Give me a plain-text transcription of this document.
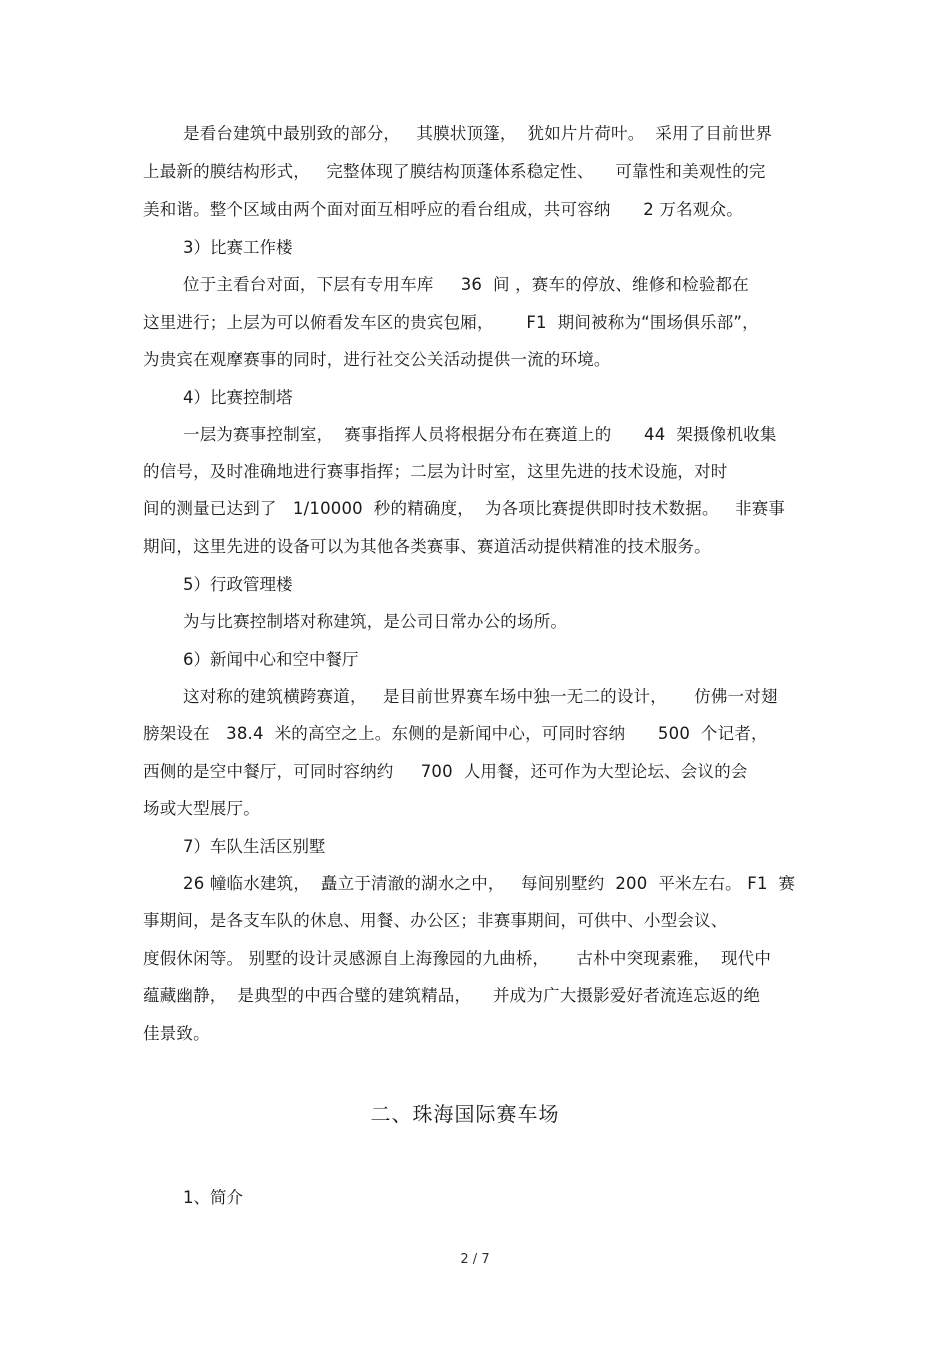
是看台建筑中最别致的部分，   其膜状顶篷，  犹如片片荷叶。  采用了目前世界
上最新的膜结构形式，   完整体现了膜结构顶蓬体系稳定性、    可靠性和美观性的完
美和谐。整个区域由两个面对面互相呼应的看台组成，共可容纳      2 万名观众。
3）比赛工作楼
位于主看台对面，下层有专用车库     36  间 ，赛车的停放、维修和检验都在
这里进行；上层为可以俯看发车区的贵宾包厢，      F1  期间被称为“围场俱乐部”，
为贵宾在观摩赛事的同时，进行社交公关活动提供一流的环境。
4）比赛控制塔
一层为赛事控制室，  赛事指挥人员将根据分布在赛道上的      44  架摄像机收集
的信号，及时准确地进行赛事指挥；二层为计时室，这里先进的技术设施，对时
间的测量已达到了   1/10000  秒的精确度，  为各项比赛提供即时技术数据。   非赛事
期间，这里先进的设备可以为其他各类赛事、赛道活动提供精准的技术服务。
5）行政管理楼
为与比赛控制塔对称建筑，是公司日常办公的场所。
6）新闻中心和空中餐厅
这对称的建筑横跨赛道，   是目前世界赛车场中独一无二的设计，     仿佛一对翅
膀架设在   38.4  米的高空之上。东侧的是新闻中心，可同时容纳      500  个记者，
西侧的是空中餐厅，可同时容纳约     700  人用餐，还可作为大型论坛、会议的会
场或大型展厅。
7）车队生活区别墅
26 幢临水建筑，  矗立于清澈的湖水之中，   每间别墅约  200  平米左右。 F1  赛
事期间，是各支车队的休息、用餐、办公区；非赛事期间，可供中、小型会议、
度假休闲等。 别墅的设计灵感源自上海豫园的九曲桥，     古朴中突现素雅，  现代中
蕴藏幽静，  是典型的中西合璧的建筑精品，    并成为广大摄影爱好者流连忘返的绝
佳景致。
二、珠海国际赛车场
1、简介
2 / 7
